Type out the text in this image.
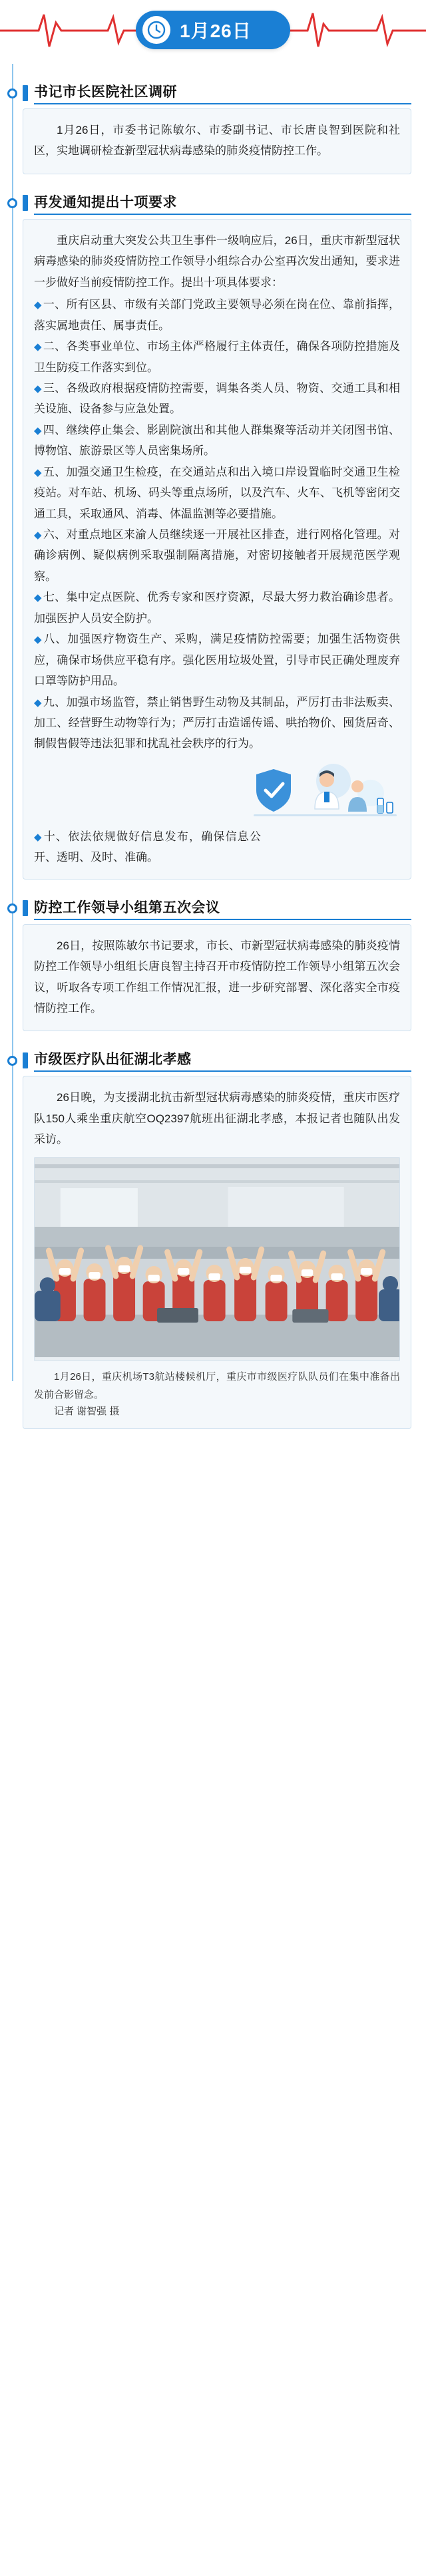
1月26日
书记市长医院社区调研

1月26日，市委书记陈敏尔、市委副书记、市长唐良智到医院和社区，实地调研检查新型冠状病毒感染的肺炎疫情防控工作。

再发通知提出十项要求

重庆启动重大突发公共卫生事件一级响应后，26日，重庆市新型冠状病毒感染的肺炎疫情防控工作领导小组综合办公室再次发出通知，要求进一步做好当前疫情防控工作。提出十项具体要求：

◆ 一、所有区县、市级有关部门党政主要领导必须在岗在位、靠前指挥，落实属地责任、属事责任。

◆ 二、各类事业单位、市场主体严格履行主体责任，确保各项防控措施及卫生防疫工作落实到位。

◆ 三、各级政府根据疫情防控需要，调集各类人员、物资、交通工具和相关设施、设备参与应急处置。

◆ 四、继续停止集会、影剧院演出和其他人群集聚等活动并关闭图书馆、博物馆、旅游景区等人员密集场所。

◆ 五、加强交通卫生检疫，在交通站点和出入境口岸设置临时交通卫生检疫站。对车站、机场、码头等重点场所，以及汽车、火车、飞机等密闭交通工具，采取通风、消毒、体温监测等必要措施。

◆ 六、对重点地区来渝人员继续逐一开展社区排查，进行网格化管理。对确诊病例、疑似病例采取强制隔离措施，对密切接触者开展规范医学观察。

◆ 七、集中定点医院、优秀专家和医疗资源，尽最大努力救治确诊患者。加强医护人员安全防护。

◆ 八、加强医疗物资生产、采购，满足疫情防控需要；加强生活物资供应，确保市场供应平稳有序。强化医用垃圾处置，引导市民正确处理废弃口罩等防护用品。

◆ 九、加强市场监管，禁止销售野生动物及其制品，严厉打击非法贩卖、加工、经营野生动物等行为；严厉打击造谣传谣、哄抬物价、囤货居奇、制假售假等违法犯罪和扰乱社会秩序的行为。

◆ 十、依法依规做好信息发布，确保信息公开、透明、及时、准确。

防控工作领导小组第五次会议

26日，按照陈敏尔书记要求，市长、市新型冠状病毒感染的肺炎疫情防控工作领导小组组长唐良智主持召开市疫情防控工作领导小组第五次会议，听取各专项工作组工作情况汇报，进一步研究部署、深化落实全市疫情防控工作。

市级医疗队出征湖北孝感

26日晚，为支援湖北抗击新型冠状病毒感染的肺炎疫情，重庆市医疗队150人乘坐重庆航空OQ2397航班出征湖北孝感，本报记者也随队出发采访。

1月26日，重庆机场T3航站楼候机厅，重庆市市级医疗队队员们在集中准备出发前合影留念。

记者 谢智强 摄
